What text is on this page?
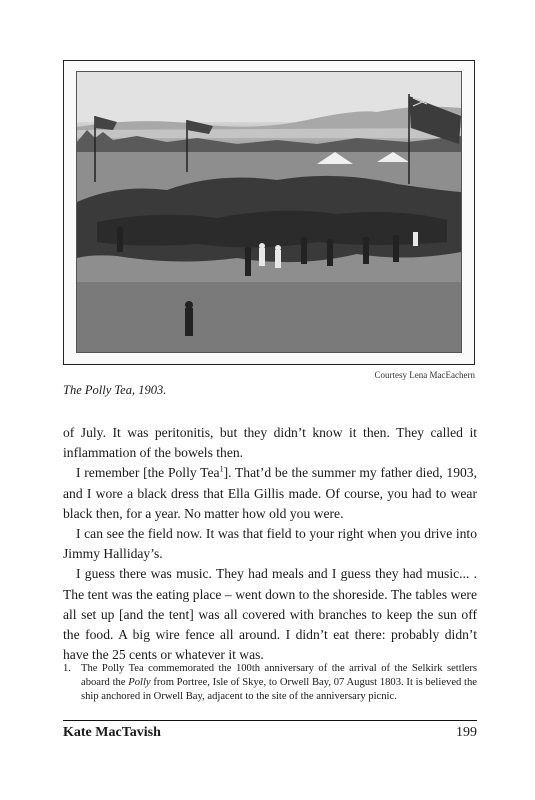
Courtesy Lena MacEachern
The Polly Tea, 1903.

of July. It was peritonitis, but they didn’t know it then. They called it inflammation of the bowels then.

I remember [the Polly Tea$^1$]. That’d be the summer my father died, 1903, and I wore a black dress that Ella Gillis made. Of course, you had to wear black then, for a year. No matter how old you were.

I can see the field now. It was that field to your right when you drive into Jimmy Halliday’s.

I guess there was music. They had meals and I guess they had music... . The tent was the eating place – went down to the shoreside. The tables were all set up [and the tent] was all covered with branches to keep the sun off the food. A big wire fence all around. I didn’t eat there: probably didn’t have the 25 cents or whatever it was.

1. The Polly Tea commemorated the 100th anniversary of the arrival of the Selkirk settlers aboard the Polly from Portree, Isle of Skye, to Orwell Bay, 07 August 1803. It is believed the ship anchored in Orwell Bay, adjacent to the site of the anniversary picnic.
Kate MacTavish	199
